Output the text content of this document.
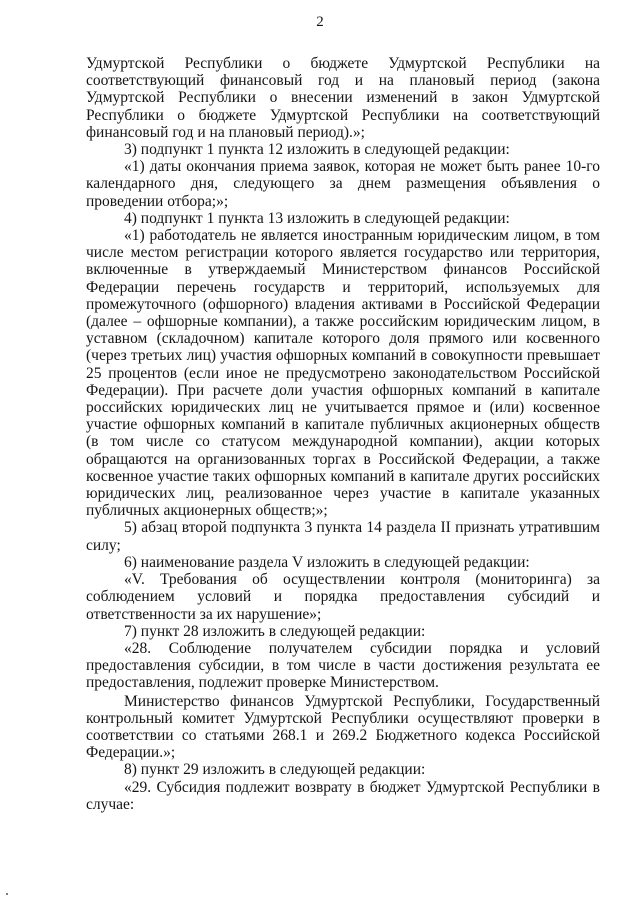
2

Удмуртской Республики о бюджете Удмуртской Республики на соответствующий финансовый год и на плановый период (закона Удмуртской Республики о внесении изменений в закон Удмуртской Республики о бюджете Удмуртской Республики на соответствующий финансовый год и на плановый период).»;

3) подпункт 1 пункта 12 изложить в следующей редакции:

«1) даты окончания приема заявок, которая не может быть ранее 10-го календарного дня, следующего за днем размещения объявления о проведении отбора;»;

4) подпункт 1 пункта 13 изложить в следующей редакции:

«1) работодатель не является иностранным юридическим лицом, в том числе местом регистрации которого является государство или территория, включенные в утверждаемый Министерством финансов Российской Федерации перечень государств и территорий, используемых для промежуточного (офшорного) владения активами в Российской Федерации (далее – офшорные компании), а также российским юридическим лицом, в уставном (складочном) капитале которого доля прямого или косвенного (через третьих лиц) участия офшорных компаний в совокупности превышает 25 процентов (если иное не предусмотрено законодательством Российской Федерации). При расчете доли участия офшорных компаний в капитале российских юридических лиц не учитывается прямое и (или) косвенное участие офшорных компаний в капитале публичных акционерных обществ (в том числе со статусом международной компании), акции которых обращаются на организованных торгах в Российской Федерации, а также косвенное участие таких офшорных компаний в капитале других российских юридических лиц, реализованное через участие в капитале указанных публичных акционерных обществ;»;

5) абзац второй подпункта 3 пункта 14 раздела II признать утратившим силу;

6) наименование раздела V изложить в следующей редакции:

«V. Требования об осуществлении контроля (мониторинга) за соблюдением условий и порядка предоставления субсидий и ответственности за их нарушение»;

7) пункт 28 изложить в следующей редакции:

«28. Соблюдение получателем субсидии порядка и условий предоставления субсидии, в том числе в части достижения результата ее предоставления, подлежит проверке Министерством.

Министерство финансов Удмуртской Республики, Государственный контрольный комитет Удмуртской Республики осуществляют проверки в соответствии со статьями 268.1 и 269.2 Бюджетного кодекса Российской Федерации.»;

8) пункт 29 изложить в следующей редакции:

«29. Субсидия подлежит возврату в бюджет Удмуртской Республики в случае:
